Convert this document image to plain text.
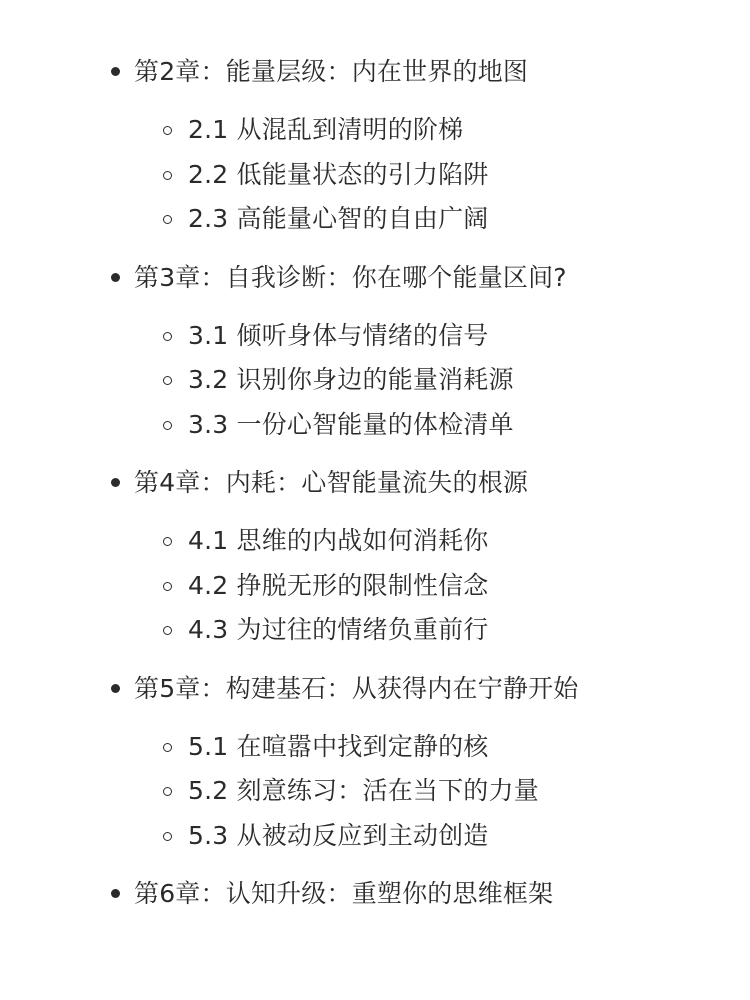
第2章：能量层级：内在世界的地图
2.1 从混乱到清明的阶梯
2.2 低能量状态的引力陷阱
2.3 高能量心智的自由广阔
第3章：自我诊断：你在哪个能量区间?
3.1 倾听身体与情绪的信号
3.2 识别你身边的能量消耗源
3.3 一份心智能量的体检清单
第4章：内耗：心智能量流失的根源
4.1 思维的内战如何消耗你
4.2 挣脱无形的限制性信念
4.3 为过往的情绪负重前行
第5章：构建基石：从获得内在宁静开始
5.1 在喧嚣中找到定静的核
5.2 刻意练习：活在当下的力量
5.3 从被动反应到主动创造
第6章：认知升级：重塑你的思维框架
